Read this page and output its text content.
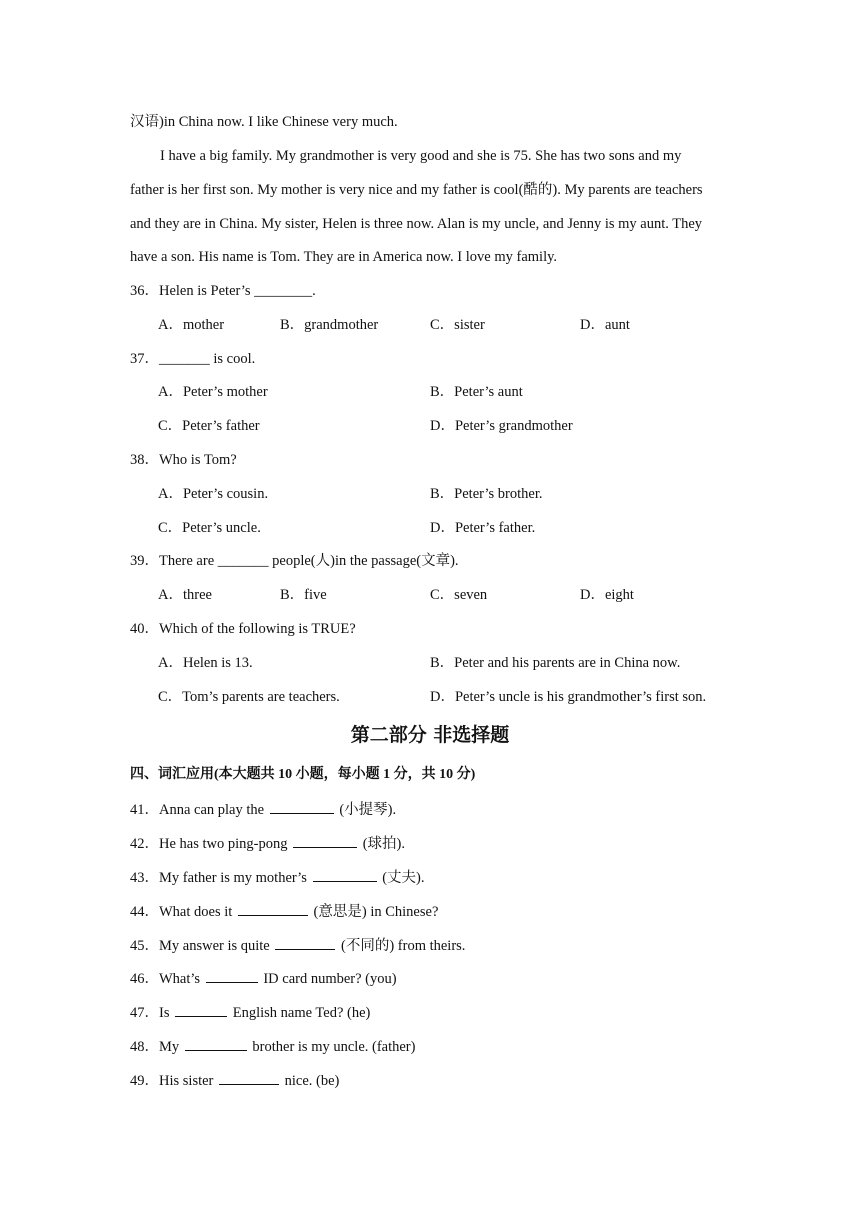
汉语)in China now. I like Chinese very much.
I have a big family. My grandmother is very good and she is 75. She has two sons and my
father is her first son. My mother is very nice and my father is cool(酷的). My parents are teachers
and they are in China. My sister, Helen is three now. Alan is my uncle, and Jenny is my aunt. They
have a son. His name is Tom. They are in America now. I love my family.
36．Helen is Peter’s ________.
A．mother	B．grandmother	C．sister	D．aunt
37．_______ is cool.
A．Peter’s mother	B．Peter’s aunt
C．Peter’s father	D．Peter’s grandmother
38．Who is Tom?
A．Peter’s cousin.	B．Peter’s brother.
C．Peter’s uncle.	D．Peter’s father.
39．There are _______ people(人)in the passage(文章).
A．three	B．five	C．seven	D．eight
40．Which of the following is TRUE?
A．Helen is 13.	B．Peter and his parents are in China now.
C．Tom’s parents are teachers.	D．Peter’s uncle is his grandmother’s first son.
第二部分 非选择题
四、词汇应用(本大题共 10 小题，每小题 1 分，共 10 分)
41．Anna can play the	(小提琴).
42．He has two ping-pong	(球拍).
43．My father is my mother’s	(丈夫).
44．What does it	(意思是) in Chinese?
45．My answer is quite	(不同的) from theirs.
46．What’s	ID card number? (you)
47．Is	English name Ted? (he)
48．My	brother is my uncle. (father)
49．His sister	nice. (be)
